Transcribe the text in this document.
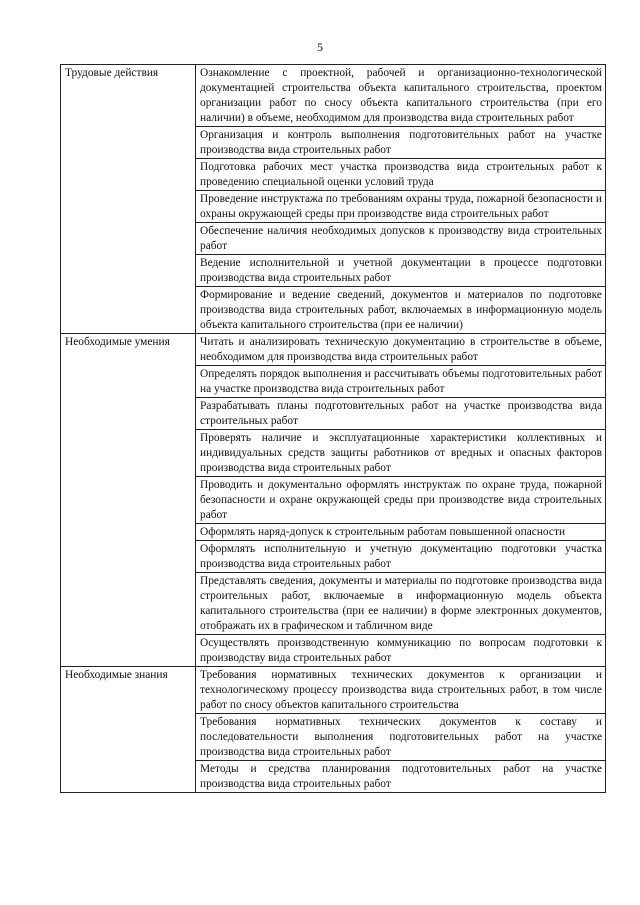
5
Трудовые действия	Ознакомление с проектной, рабочей и организационно-технологической документацией строительства объекта капитального строительства, проектом организации работ по сносу объекта капитального строительства (при его наличии) в объеме, необходимом для производства вида строительных работ
	Организация и контроль выполнения подготовительных работ на участке производства вида строительных работ
	Подготовка рабочих мест участка производства вида строительных работ к проведению специальной оценки условий труда
	Проведение инструктажа по требованиям охраны труда, пожарной безопасности и охраны окружающей среды при производстве вида строительных работ
	Обеспечение наличия необходимых допусков к производству вида строительных работ
	Ведение исполнительной и учетной документации в процессе подготовки производства вида строительных работ
	Формирование и ведение сведений, документов и материалов по подготовке производства вида строительных работ, включаемых в информационную модель объекта капитального строительства (при ее наличии)
Необходимые умения	Читать и анализировать техническую документацию в строительстве в объеме, необходимом для производства вида строительных работ
	Определять порядок выполнения и рассчитывать объемы подготовительных работ на участке производства вида строительных работ
	Разрабатывать планы подготовительных работ на участке производства вида строительных работ
	Проверять наличие и эксплуатационные характеристики коллективных и индивидуальных средств защиты работников от вредных и опасных факторов производства вида строительных работ
	Проводить и документально оформлять инструктаж по охране труда, пожарной безопасности и охране окружающей среды при производстве вида строительных работ
	Оформлять наряд-допуск к строительным работам повышенной опасности
	Оформлять исполнительную и учетную документацию подготовки участка производства вида строительных работ
	Представлять сведения, документы и материалы по подготовке производства вида строительных работ, включаемые в информационную модель объекта капитального строительства (при ее наличии) в форме электронных документов, отображать их в графическом и табличном виде
	Осуществлять производственную коммуникацию по вопросам подготовки к производству вида строительных работ
Необходимые знания	Требования нормативных технических документов к организации и технологическому процессу производства вида строительных работ, в том числе работ по сносу объектов капитального строительства
	Требования нормативных технических документов к составу и последовательности выполнения подготовительных работ на участке производства вида строительных работ
	Методы и средства планирования подготовительных работ на участке производства вида строительных работ
